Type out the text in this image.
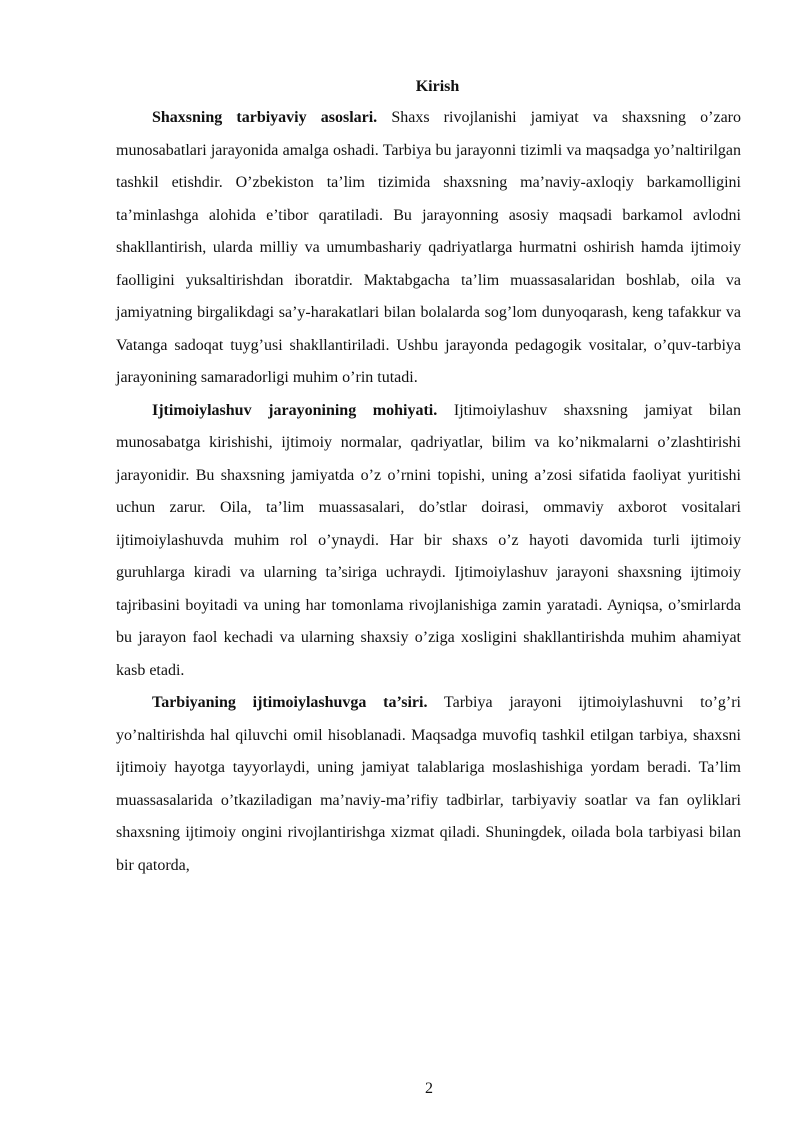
Kirish

Shaxsning tarbiyaviy asoslari. Shaxs rivojlanishi jamiyat va shaxsning o’zaro munosabatlari jarayonida amalga oshadi. Tarbiya bu jarayonni tizimli va maqsadga yo’naltirilgan tashkil etishdir. O’zbekiston ta’lim tizimida shaxsning ma’naviy-axloqiy barkamolligini ta’minlashga alohida e’tibor qaratiladi. Bu jarayonning asosiy maqsadi barkamol avlodni shakllantirish, ularda milliy va umumbashariy qadriyatlarga hurmatni oshirish hamda ijtimoiy faolligini yuksaltirishdan iboratdir. Maktabgacha ta’lim muassasalaridan boshlab, oila va jamiyatning birgalikdagi sa’y-harakatlari bilan bolalarda sog’lom dunyoqarash, keng tafakkur va Vatanga sadoqat tuyg’usi shakllantiriladi. Ushbu jarayonda pedagogik vositalar, o’quv-tarbiya jarayonining samaradorligi muhim o’rin tutadi.

Ijtimoiylashuv jarayonining mohiyati. Ijtimoiylashuv shaxsning jamiyat bilan munosabatga kirishishi, ijtimoiy normalar, qadriyatlar, bilim va ko’nikmalarni o’zlashtirishi jarayonidir. Bu shaxsning jamiyatda o’z o’rnini topishi, uning a’zosi sifatida faoliyat yuritishi uchun zarur. Oila, ta’lim muassasalari, do’stlar doirasi, ommaviy axborot vositalari ijtimoiylashuvda muhim rol o’ynaydi. Har bir shaxs o’z hayoti davomida turli ijtimoiy guruhlarga kiradi va ularning ta’siriga uchraydi. Ijtimoiylashuv jarayoni shaxsning ijtimoiy tajribasini boyitadi va uning har tomonlama rivojlanishiga zamin yaratadi. Ayniqsa, o’smirlarda bu jarayon faol kechadi va ularning shaxsiy o’ziga xosligini shakllantirishda muhim ahamiyat kasb etadi.

Tarbiyaning ijtimoiylashuvga ta’siri. Tarbiya jarayoni ijtimoiylashuvni to’g’ri yo’naltirishda hal qiluvchi omil hisoblanadi. Maqsadga muvofiq tashkil etilgan tarbiya, shaxsni ijtimoiy hayotga tayyorlaydi, uning jamiyat talablariga moslashishiga yordam beradi. Ta’lim muassasalarida o’tkaziladigan ma’naviy-ma’rifiy tadbirlar, tarbiyaviy soatlar va fan oyliklari shaxsning ijtimoiy ongini rivojlantirishga xizmat qiladi. Shuningdek, oilada bola tarbiyasi bilan bir qatorda,

2
